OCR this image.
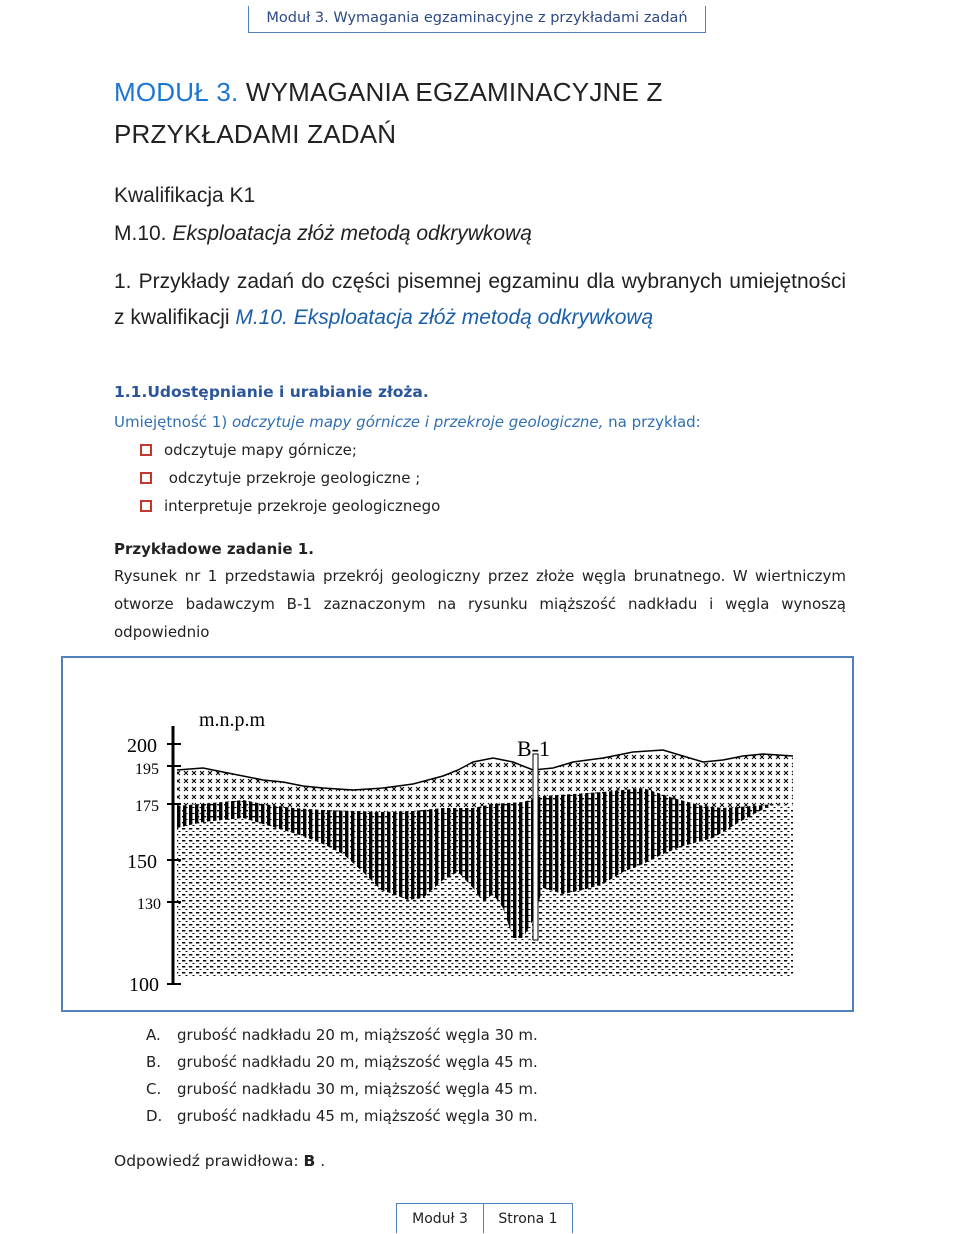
Moduł 3. Wymagania egzaminacyjne z przykładami zadań
MODUŁ 3. WYMAGANIA EGZAMINACYJNE Z PRZYKŁADAMI ZADAŃ
Kwalifikacja K1
M.10. Eksploatacja złóż metodą odkrywkową
1. Przykłady zadań do części pisemnej egzaminu dla wybranych umiejętności z kwalifikacji M.10. Eksploatacja złóż metodą odkrywkową
1.1.Udostępnianie i urabianie złoża.
Umiejętność 1) odczytuje mapy górnicze i przekroje geologiczne, na przykład:
odczytuje mapy górnicze;
odczytuje przekroje geologiczne ;
interpretuje przekroje geologicznego
Przykładowe zadanie 1.
Rysunek nr 1 przedstawia przekrój geologiczny przez złoże węgla brunatnego. W wiertniczym otworze badawczym B-1 zaznaczonym na rysunku miąższość nadkładu i węgla wynoszą odpowiednio
m.n.p.m
B-1
200
195
175
150
130
100
A. grubość nadkładu 20 m, miąższość węgla 30 m.
B. grubość nadkładu 20 m, miąższość węgla 45 m.
C. grubość nadkładu 30 m, miąższość węgla 45 m.
D. grubość nadkładu 45 m, miąższość węgla 30 m.
Odpowiedź prawidłowa: B .
Moduł 3	Strona 1
